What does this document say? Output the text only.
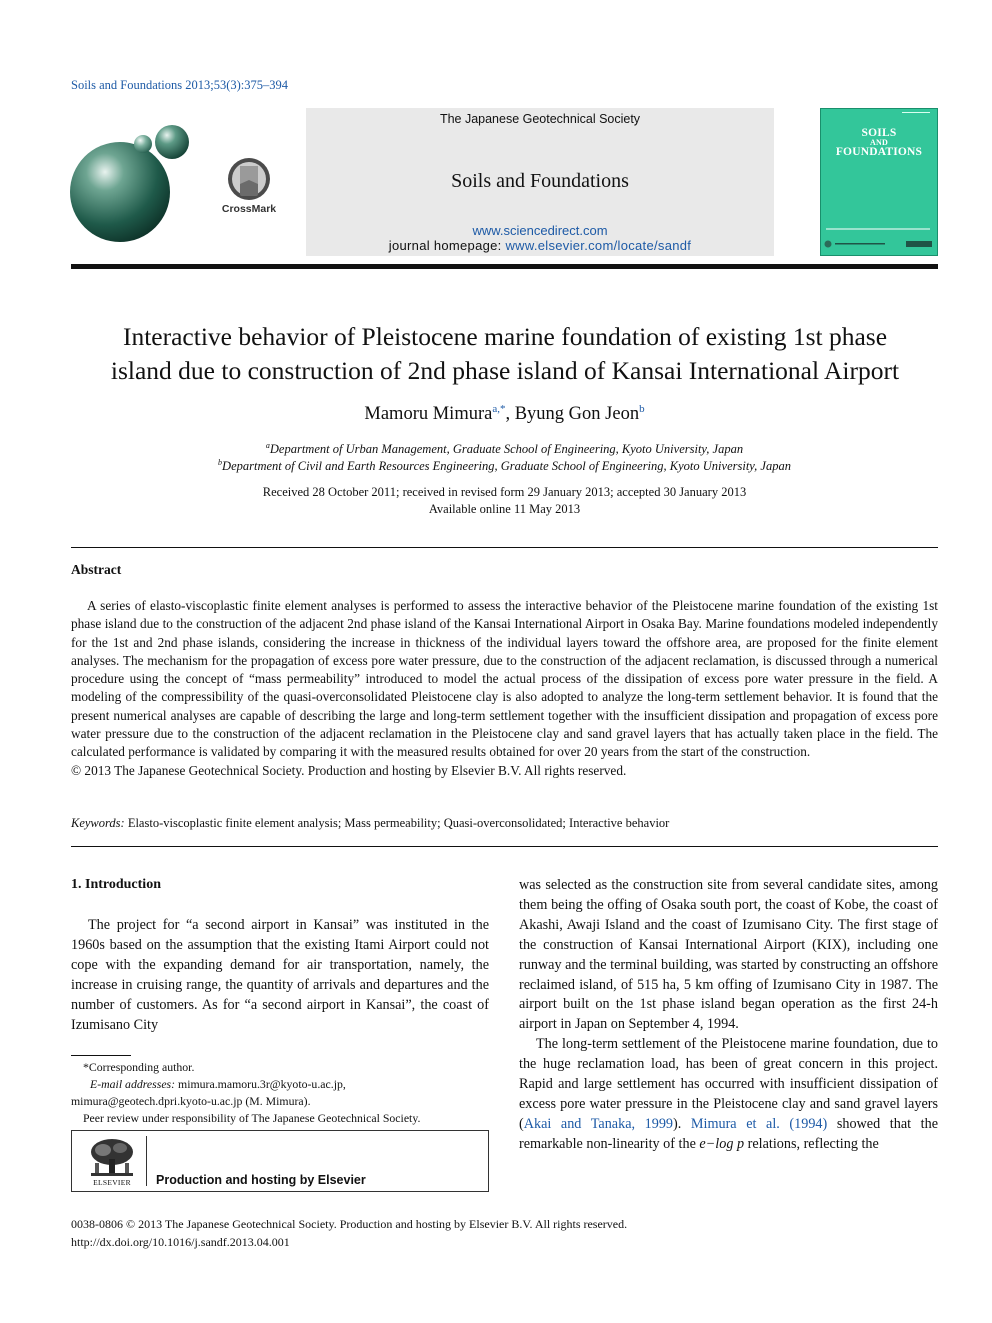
Soils and Foundations 2013;53(3):375–394
CrossMark
The Japanese Geotechnical Society
Soils and Foundations
www.sciencedirect.com
journal homepage: www.elsevier.com/locate/sandf
SOILS
AND
FOUNDATIONS
Interactive behavior of Pleistocene marine foundation of existing 1st phase
island due to construction of 2nd phase island of Kansai International Airport
Mamoru Mimura$^{a,*}$, Byung Gon Jeon$^b$
$^a$Department of Urban Management, Graduate School of Engineering, Kyoto University, Japan
$^b$Department of Civil and Earth Resources Engineering, Graduate School of Engineering, Kyoto University, Japan
Received 28 October 2011; received in revised form 29 January 2013; accepted 30 January 2013
Available online 11 May 2013
Abstract
A series of elasto-viscoplastic finite element analyses is performed to assess the interactive behavior of the Pleistocene marine foundation of the existing 1st phase island due to the construction of the adjacent 2nd phase island of the Kansai International Airport in Osaka Bay. Marine foundations modeled independently for the 1st and 2nd phase islands, considering the increase in thickness of the individual layers toward the offshore area, are proposed for the finite element analyses. The mechanism for the propagation of excess pore water pressure, due to the construction of the adjacent reclamation, is discussed through a numerical procedure using the concept of “mass permeability” introduced to model the actual process of the dissipation of excess pore water pressure in the field. A modeling of the compressibility of the quasi-overconsolidated Pleistocene clay is also adopted to analyze the long-term settlement behavior. It is found that the present numerical analyses are capable of describing the large and long-term settlement together with the insufficient dissipation and propagation of excess pore water pressure due to the construction of the adjacent reclamation in the Pleistocene clay and sand gravel layers that has actually taken place in the field. The calculated performance is validated by comparing it with the measured results obtained for over 20 years from the start of the construction.
© 2013 The Japanese Geotechnical Society. Production and hosting by Elsevier B.V. All rights reserved.
Keywords: Elasto-viscoplastic finite element analysis; Mass permeability; Quasi-overconsolidated; Interactive behavior
1. Introduction
The project for “a second airport in Kansai” was instituted in the 1960s based on the assumption that the existing Itami Airport could not cope with the expanding demand for air transportation, namely, the increase in cruising range, the quantity of arrivals and departures and the number of customers. As for “a second airport in Kansai”, the coast of Izumisano City

was selected as the construction site from several candidate sites, among them being the offing of Osaka south port, the coast of Kobe, the coast of Akashi, Awaji Island and the coast of Izumisano City. The first stage of the construction of Kansai International Airport (KIX), including one runway and the terminal building, was started by constructing an offshore reclaimed island, of 515 ha, 5 km offing of Izumisano City in 1987. The airport built on the 1st phase island began operation as the first 24-h airport in Japan on September 4, 1994.

The long-term settlement of the Pleistocene marine foundation, due to the huge reclamation load, has been of great concern in this project. Rapid and large settlement has occurred with insufficient dissipation of excess pore water pressure in the Pleistocene clay and sand gravel layers (Akai and Tanaka, 1999). Mimura et al. (1994) showed that the remarkable non-linearity of the e−log p relations, reflecting the

*Corresponding author.
E-mail addresses: mimura.mamoru.3r@kyoto-u.ac.jp,
mimura@geotech.dpri.kyoto-u.ac.jp (M. Mimura).
Peer review under responsibility of The Japanese Geotechnical Society.
ELSEVIER	Production and hosting by Elsevier
0038-0806 © 2013 The Japanese Geotechnical Society. Production and hosting by Elsevier B.V. All rights reserved.
http://dx.doi.org/10.1016/j.sandf.2013.04.001
